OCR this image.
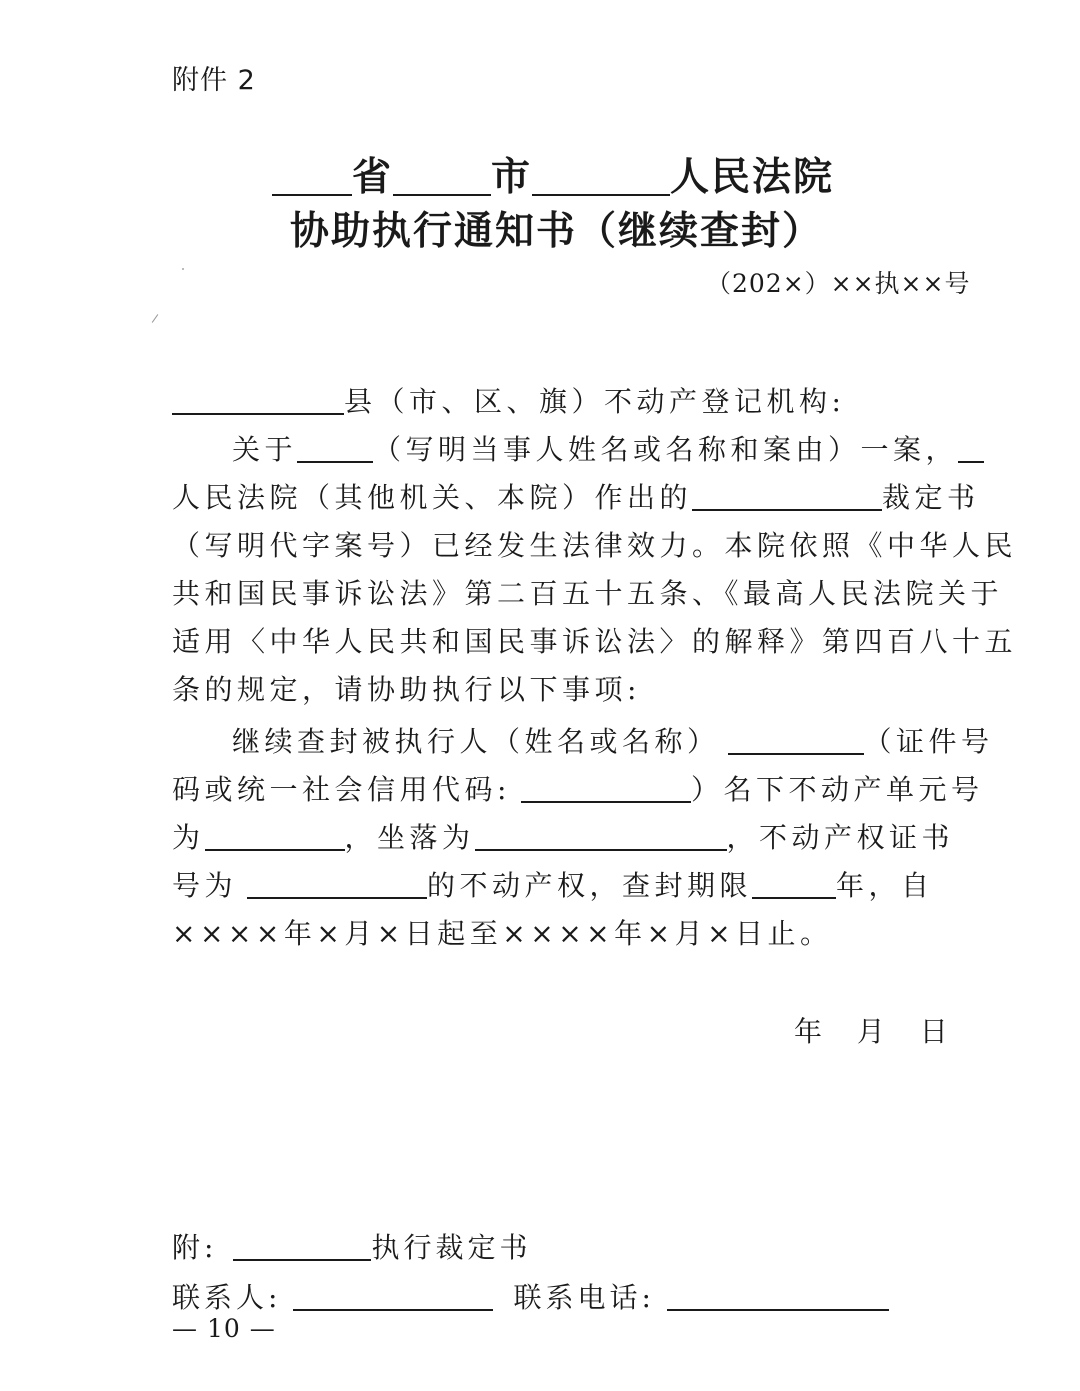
附件 2
省	市	人民法院
协助执行通知书（继续查封）
（202×）××执××号
县（市、区、旗）不动产登记机构:
关于	（写明当事人姓名或名称和案由）一案，
人民法院（其他机关、本院）作出的	裁定书
（写明代字案号）已经发生法律效力。本院依照《中华人民
共和国民事诉讼法》第二百五十五条、《最高人民法院关于
适用〈中华人民共和国民事诉讼法〉的解释》第四百八十五
条的规定，请协助执行以下事项:
继续查封被执行人（姓名或名称）	（证件号
码或统一社会信用代码:	）名下不动产单元号
为	，坐落为	，不动产权证书
号为	的不动产权，查封期限	年，自
××××年×月×日起至××××年×月×日止。
年 月 日
附:	执行裁定书
联系人:	联系电话:
— 10 —
